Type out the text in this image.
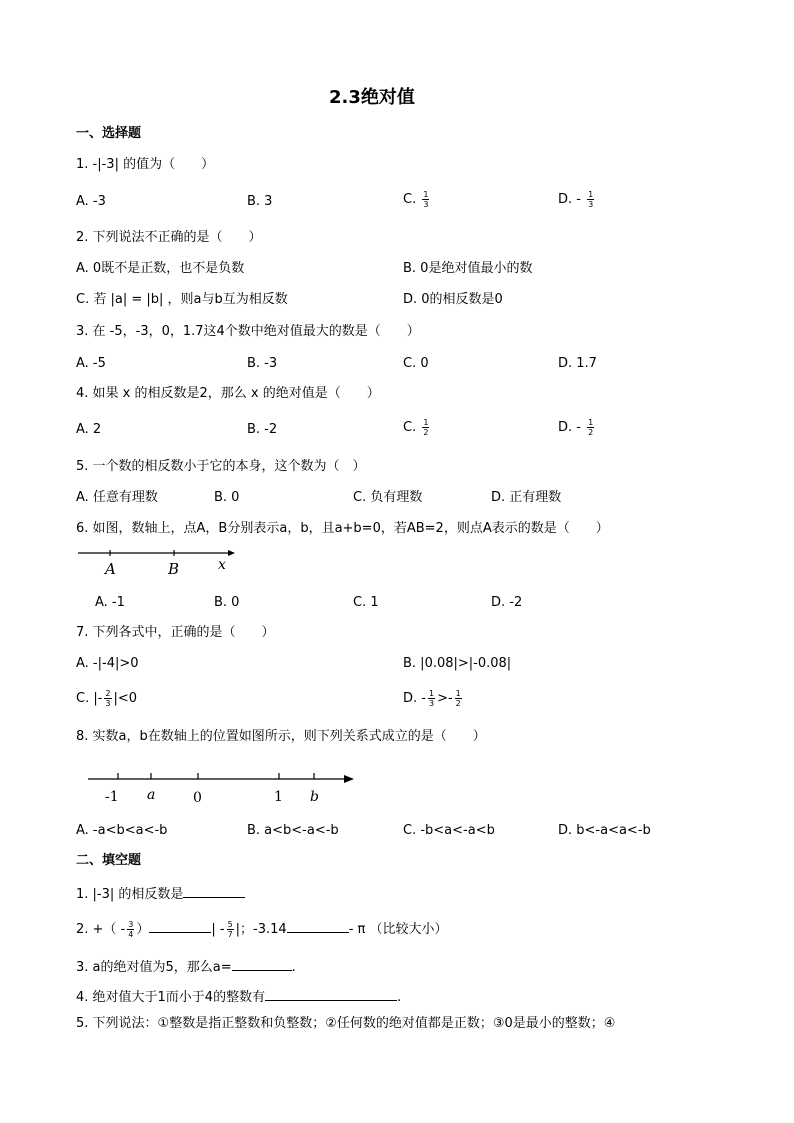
2.3绝对值
一、选择题
1. -|-3| 的值为（　　）
A. -3	B. 3	C. $\frac{1}{3}$	D. - $\frac{1}{3}$
2. 下列说法不正确的是（　　）
A. 0既不是正数，也不是负数	B. 0是绝对值最小的数
C. 若 |a| = |b| ，则a与b互为相反数	D. 0的相反数是0
3. 在 -5，-3，0，1.7这4个数中绝对值最大的数是（　　）
A. -5	B. -3	C. 0	D. 1.7
4. 如果 x 的相反数是2，那么 x 的绝对值是（　　）
A. 2	B. -2	C. $\frac{1}{2}$	D. - $\frac{1}{2}$
5. 一个数的相反数小于它的本身，这个数为（　）
A. 任意有理数	B. 0	C. 负有理数	D. 正有理数
6. 如图，数轴上，点A，B分别表示a，b，且a+b=0，若AB=2，则点A表示的数是（　　）
A	B	x
A. -1	B. 0	C. 1	D. -2
7. 下列各式中，正确的是（　　）
A. -|-4|>0	B. |0.08|>|-0.08|
C. |- $\frac{2}{3} |<0$	D. - $\frac{1}{3} >- \frac{1}{2}$
8. 实数a，b在数轴上的位置如图所示，则下列关系式成立的是（　　）
-1 a	0	1 b
A. -a<b<a<-b	B. a<b<-a<-b	C. -b<a<-a<b	D. b<-a<a<-b
二、填空题
1. |-3| 的相反数是
2. +（ - $\frac{3}{4}$ ）	| - $\frac{5}{7}$ |；-3.14	- π （比较大小）
3. a的绝对值为5，那么a=	.
4. 绝对值大于1而小于4的整数有	.
5. 下列说法：①整数是指正整数和负整数；②任何数的绝对值都是正数；③0是最小的整数；④
